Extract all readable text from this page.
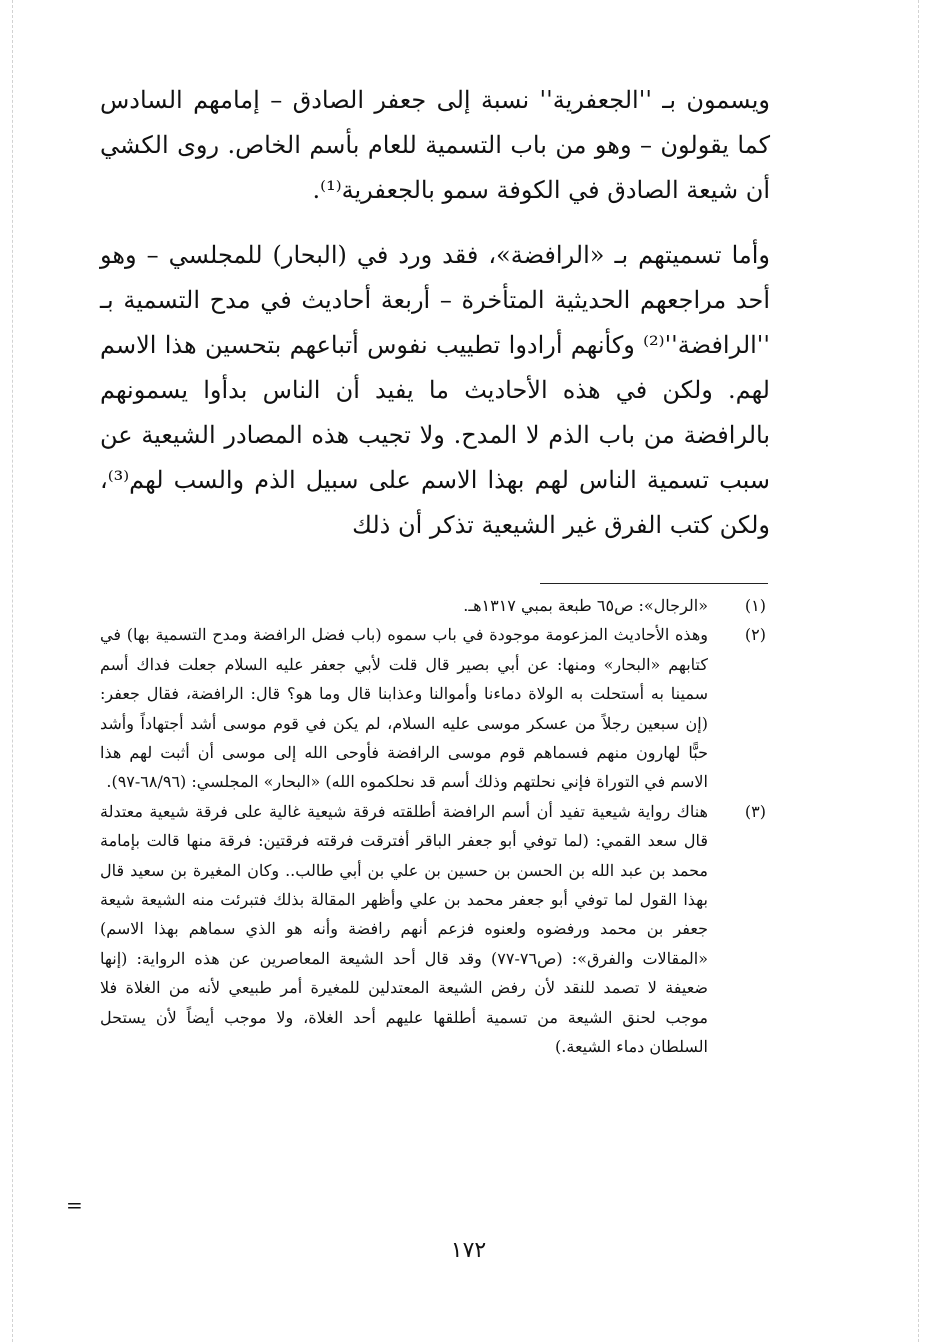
ويسمون بـ ''الجعفرية'' نسبة إلى جعفر الصادق – إمامهم السادس كما يقولون – وهو من باب التسمية للعام بأسم الخاص. روى الكشي أن شيعة الصادق في الكوفة سمو بالجعفرية⁽¹⁾.

وأما تسميتهم بـ «الرافضة»، فقد ورد في (البحار) للمجلسي – وهو أحد مراجعهم الحديثية المتأخرة – أربعة أحاديث في مدح التسمية بـ ''الرافضة''⁽²⁾ وكأنهم أرادوا تطييب نفوس أتباعهم بتحسين هذا الاسم لهم. ولكن في هذه الأحاديث ما يفيد أن الناس بدأوا يسمونهم بالرافضة من باب الذم لا المدح. ولا تجيب هذه المصادر الشيعية عن سبب تسمية الناس لهم بهذا الاسم على سبيل الذم والسب لهم⁽³⁾، ولكن كتب الفرق غير الشيعية تذكر أن ذلك

(١)
«الرجال»: ص٦٥ طبعة بمبي ١٣١٧هـ.
(٢)
وهذه الأحاديث المزعومة موجودة في باب سموه (باب فضل الرافضة ومدح التسمية بها) في كتابهم «البحار» ومنها: عن أبي بصير قال قلت لأبي جعفر عليه السلام جعلت فداك أسم سمينا به أستحلت به الولاة دماءنا وأموالنا وعذابنا قال وما هو؟ قال: الرافضة، فقال جعفر: (إن سبعين رجلاً من عسكر موسى عليه السلام، لم يكن في قوم موسى أشد أجتهاداً وأشد حبًّا لهارون منهم فسماهم قوم موسى الرافضة فأوحى الله إلى موسى أن أثبت لهم هذا الاسم في التوراة فإني نحلتهم وذلك أسم قد نحلكموه الله) «البحار» المجلسي: (٦٨/٩٦-٩٧).
(٣)
هناك رواية شيعية تفيد أن أسم الرافضة أطلقته فرقة شيعية غالية على فرقة شيعية معتدلة قال سعد القمي: (لما توفي أبو جعفر الباقر أفترقت فرقته فرقتين: فرقة منها قالت بإمامة محمد بن عبد الله بن الحسن بن حسين بن علي بن أبي طالب.. وكان المغيرة بن سعيد قال بهذا القول لما توفي أبو جعفر محمد بن علي وأظهر المقالة بذلك فتبرئت منه الشيعة شيعة جعفر بن محمد ورفضوه ولعنوه فزعم أنهم رافضة وأنه هو الذي سماهم بهذا الاسم) «المقالات والفرق»: (ص٧٦-٧٧) وقد قال أحد الشيعة المعاصرين عن هذه الرواية: (إنها ضعيفة لا تصمد للنقد لأن رفض الشيعة المعتدلين للمغيرة أمر طبيعي لأنه من الغلاة فلا موجب لحنق الشيعة من تسمية أطلقها عليهم أحد الغلاة، ولا موجب أيضاً لأن يستحل السلطان دماء الشيعة.)
=
١٧٢
